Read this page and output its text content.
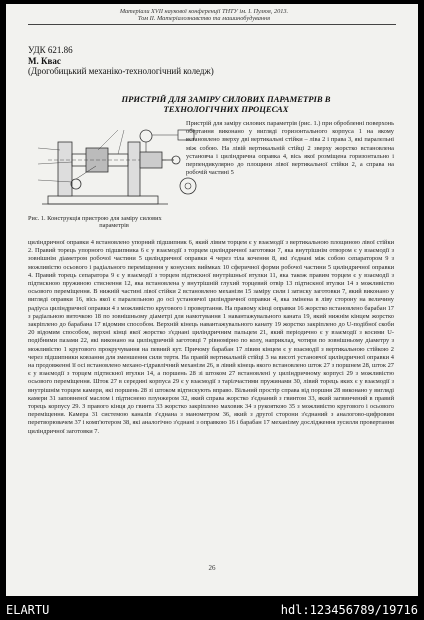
Матеріали XVII наукової конференції ТНТУ ім. І. Пулюя, 2013.
Том II. Матеріалознавство та машинобудування
УДК 621.86
М. Квас
(Дрогобицький механіко-технологічний коледж)
ПРИСТРІЙ ДЛЯ ЗАМІРУ СИЛОВИХ ПАРАМЕТРІВ В
ТЕХНОЛОГІЧНИХ ПРОЦЕСАХ
Рис. 1. Конструкція пристрою для заміру силових

параметрів
Пристрій для заміру силових параметрів (рис. 1.) при обробленні поверхонь обертання виконано у вигляді горизонтального корпуса 1 на якому встановлено зверху дві вертикальні стійки – ліва 2 і права 3, які паралельні між собою. На лівій вертикальній стійці 2 зверху жорстко встановлена установча і циліндрична оправка 4, вісь якої розміщена горизонтально і перпендикулярно до площини лівої вертикальної стійки 2, а справа на робочій частині 5
циліндричної оправки 4 встановлено упорний підшипник 6, який лівим торцем є у взаємодії з вертикальною площиною лівої стійки 2. Правий торець упорного підшипника 6 є у взаємодії з торцем циліндричної заготовки 7, яка внутрішнім отвором є у взаємодії з зовнішнім діаметром робочої частини 5 циліндричної оправки 4 через тіла кочення 8, які з'єднані між собою сепаратором 9 з можливістю осьового і радіального переміщення у конусних виймках 10 сферичної форми робочої частини 5 циліндричної оправки 4. Правий торець сепаратора 9 є у взаємодії з торцем підтискної внутрішньої втулки 11, яка також правим торцем є у взаємодії з підтискною пружиною стиснення 12, яка встановлена у внутрішній глухий торцевий отвір 13 підтискної втулки 14 з можливістю осьового переміщення. В нижній частині лівої стійки 2 встановлено механізм 15 заміру сили і затиску заготовки 7, який виконано у вигляді оправки 16, вісь якої є паралельною до осі установчої циліндричної оправки 4, яка змінена в ліву сторону на величину радіуса циліндричної оправки 4 з можливістю кругового і провертання. На правому кінці оправки 16 жорстко встановлено барабан 17 з радіальною виточкою 18 по зовнішньому діаметрі для намотування 1 навантажувального каната 19, який нижнім кінцем жорстко закріплено до барабана 17 відомим способом. Верхній кінець навантажувального канату 19 жорстко закріплено до U-подібної скоби 20 відомим способом, верхні кінці якої жорстко з'єднані циліндричним пальцем 21, який періодично є у взаємодії з косими U-подібними пазами 22, які виконано на циліндричній заготовці 7 рівномірно по колу, наприклад, чотири по зовнішньому діаметру з можливістю 1 кругового прокручування на певний кут. Причому барабан 17 лівим кінцем є у взаємодії з вертикальною стійкою 2 через підшипники ковзання для зменшення сили тертя. На правій вертикальній стійці 3 на висоті установчої циліндричної оправки 4 на продовженні її осі встановлено механо-гідравлічний механізм 26, в лівий кінець якого встановлено шток 27 з поршнем 28, шток 27 є у взаємодії з торцем підтискної втулки 14, а поршень 28 зі штоком 27 встановлені у циліндричному корпусі 29 з можливістю осьового переміщення. Шток 27 в середині корпуса 29 є у взаємодії з тарілчастими пружинами 30, лівий торець яких є у взаємодії з внутрішнім торцем камери, які поршень 28 зі штоком відтискують вправо. Вільний простір справа від поршня 28 виконано у вигляді камери 31 заповненої маслом і підтиснено плунжером 32, який справа жорстко з'єднаний з гвинтом 33, який загвинчений в правий торець корпусу 29. З правого кінця до гвинта 33 жорстко закріплено маховик 34 з рукояткою 35 з можливістю кругового і осьового переміщення. Камера 31 системою каналів з'єднана з манометром 36, який з другої сторони з'єднаний з аналогово-цифровим перетворювачем 37 і комп'ютером 38, які аналогічно з'єднані з оправкою 16 і барабан 17 механізму дослідження зусилля провертання циліндричної заготовки 7.
26
ELARTU	hdl:123456789/19716
